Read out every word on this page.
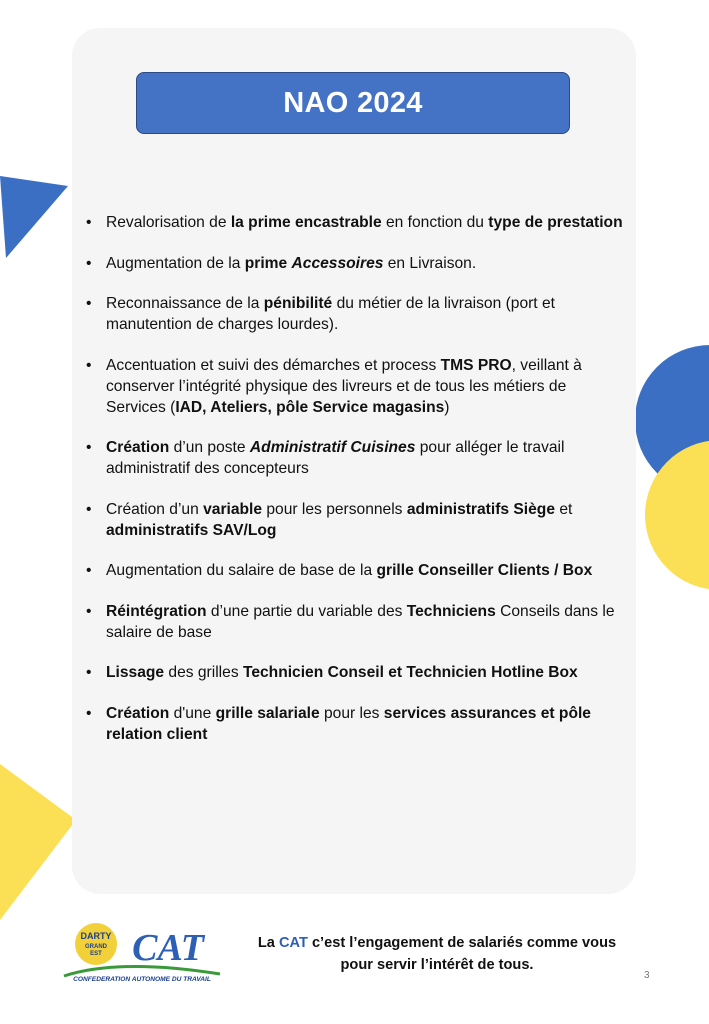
NAO 2024
• Revalorisation de la prime encastrable en fonction du type de prestation
• Augmentation de la prime Accessoires en Livraison.
• Reconnaissance de la pénibilité du métier de la livraison (port et manutention de charges lourdes).
• Accentuation et suivi des démarches et process TMS PRO, veillant à conserver l’intégrité physique des livreurs et de tous les métiers de Services (IAD, Ateliers, pôle Service magasins)
• Création d’un poste Administratif Cuisines pour alléger le travail administratif des concepteurs
• Création d’un variable pour les personnels administratifs Siège et administratifs SAV/Log
• Augmentation du salaire de base de la grille Conseiller Clients / Box
• Réintégration d’une partie du variable des Techniciens Conseils dans le salaire de base
• Lissage des grilles Technicien Conseil et Technicien Hotline Box
• Création d'une grille salariale pour les services assurances et pôle relation client
DARTY
GRAND
EST CAT
CONFEDERATION AUTONOME DU TRAVAIL
La CAT c’est l’engagement de salariés comme vous
pour servir l’intérêt de tous.
3
